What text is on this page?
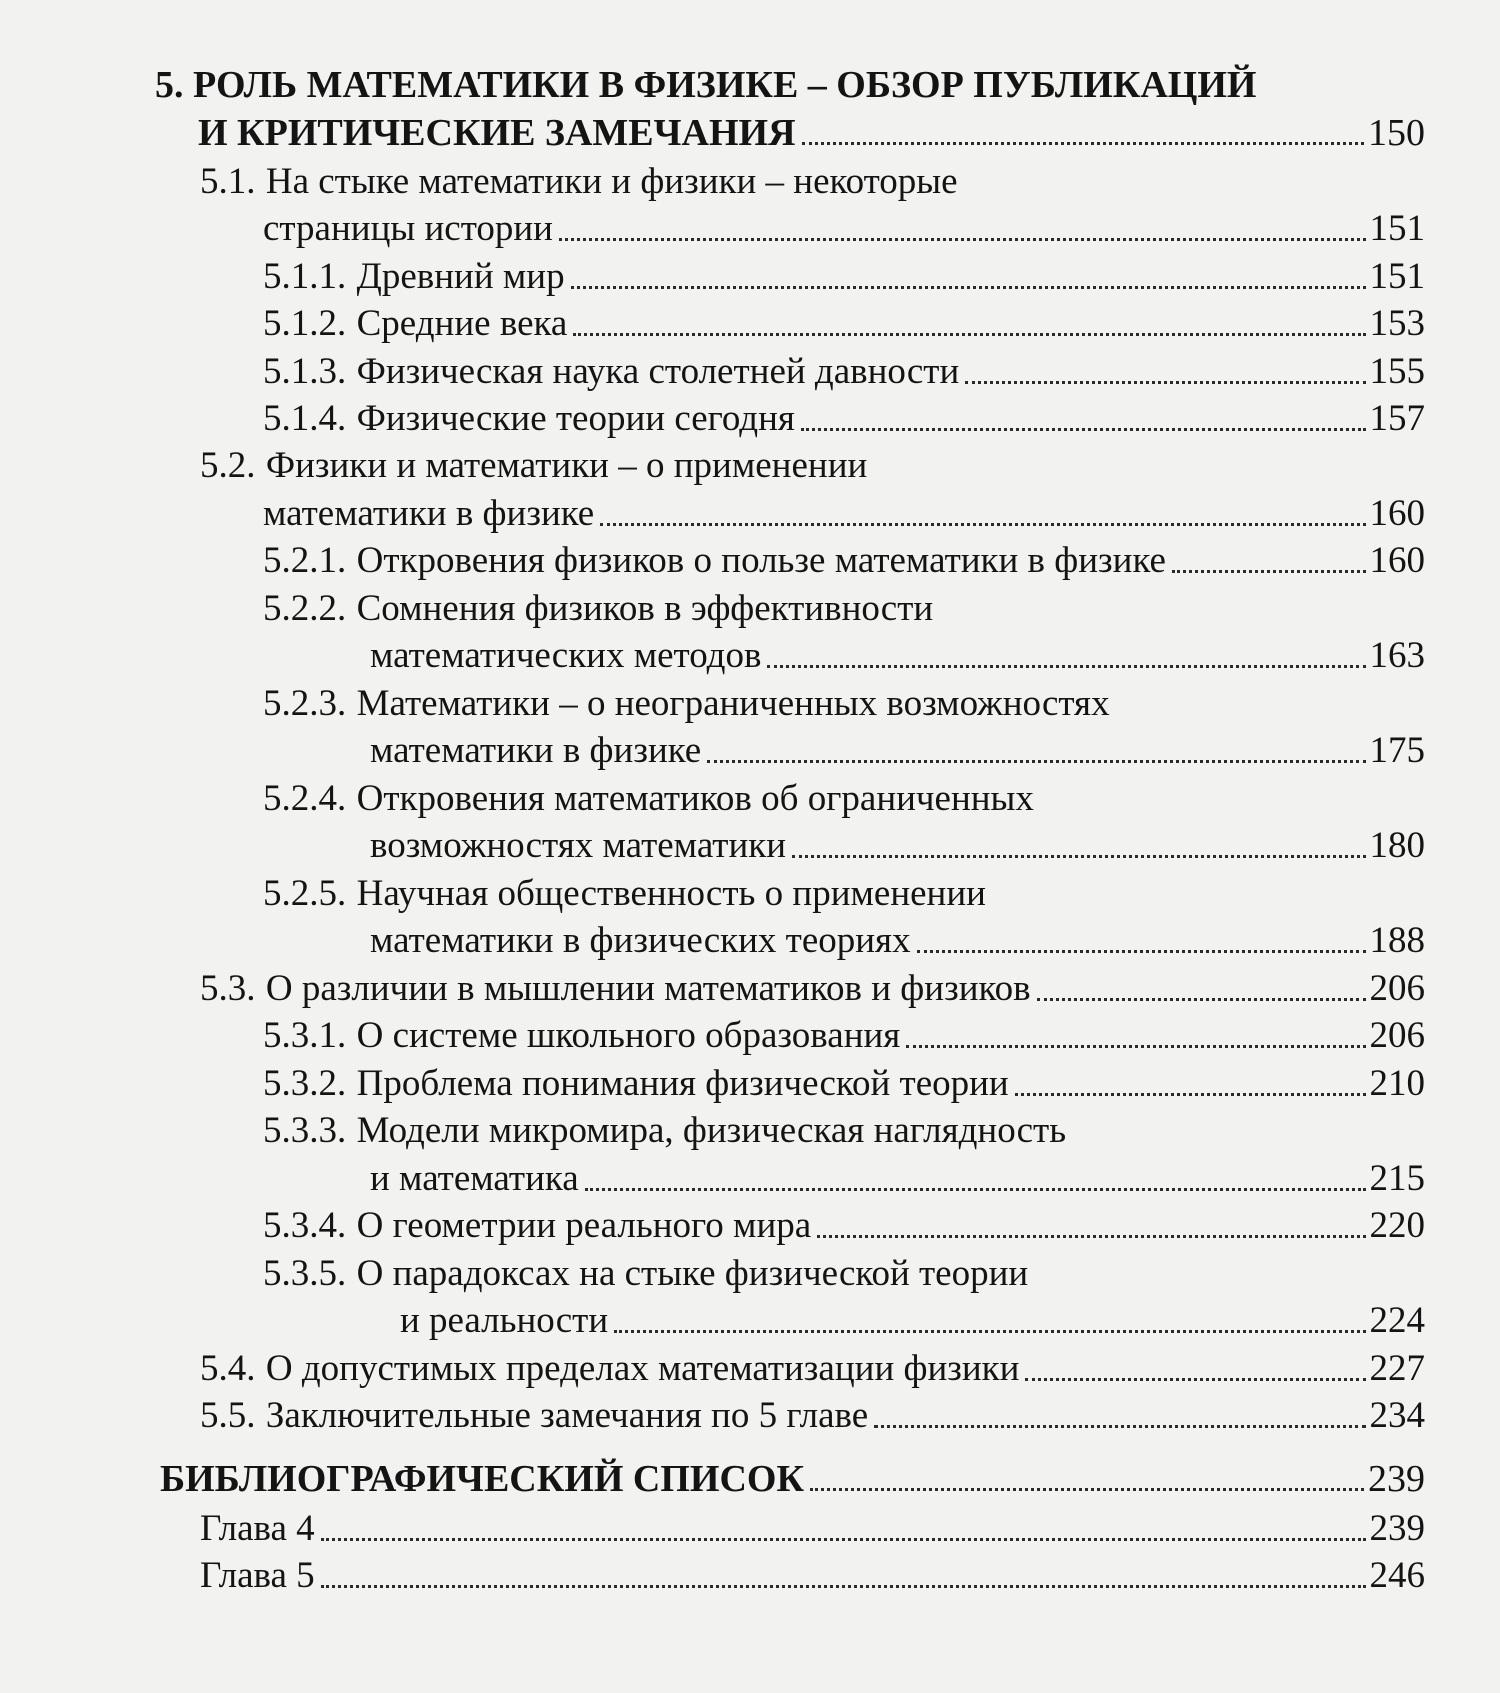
5. РОЛЬ МАТЕМАТИКИ В ФИЗИКЕ – ОБЗОР ПУБЛИКАЦИЙ
И КРИТИЧЕСКИЕ ЗАМЕЧАНИЯ	150
5.1. На стыке математики и физики – некоторые
страницы истории	151
5.1.1. Древний мир	151
5.1.2. Средние века	153
5.1.3. Физическая наука столетней давности	155
5.1.4. Физические теории сегодня	157
5.2. Физики и математики – о применении
математики в физике	160
5.2.1. Откровения физиков о пользе математики в физике	160
5.2.2. Сомнения физиков в эффективности
математических методов	163
5.2.3. Математики – о неограниченных возможностях
математики в физике	175
5.2.4. Откровения математиков об ограниченных
возможностях математики	180
5.2.5. Научная общественность о применении
математики в физических теориях	188
5.3. О различии в мышлении математиков и физиков	206
5.3.1. О системе школьного образования	206
5.3.2. Проблема понимания физической теории	210
5.3.3. Модели микромира, физическая наглядность
и математика	215
5.3.4. О геометрии реального мира	220
5.3.5. О парадоксах на стыке физической теории
и реальности	224
5.4. О допустимых пределах математизации физики	227
5.5. Заключительные замечания по 5 главе	234
БИБЛИОГРАФИЧЕСКИЙ СПИСОК	239
Глава 4	239
Глава 5	246
